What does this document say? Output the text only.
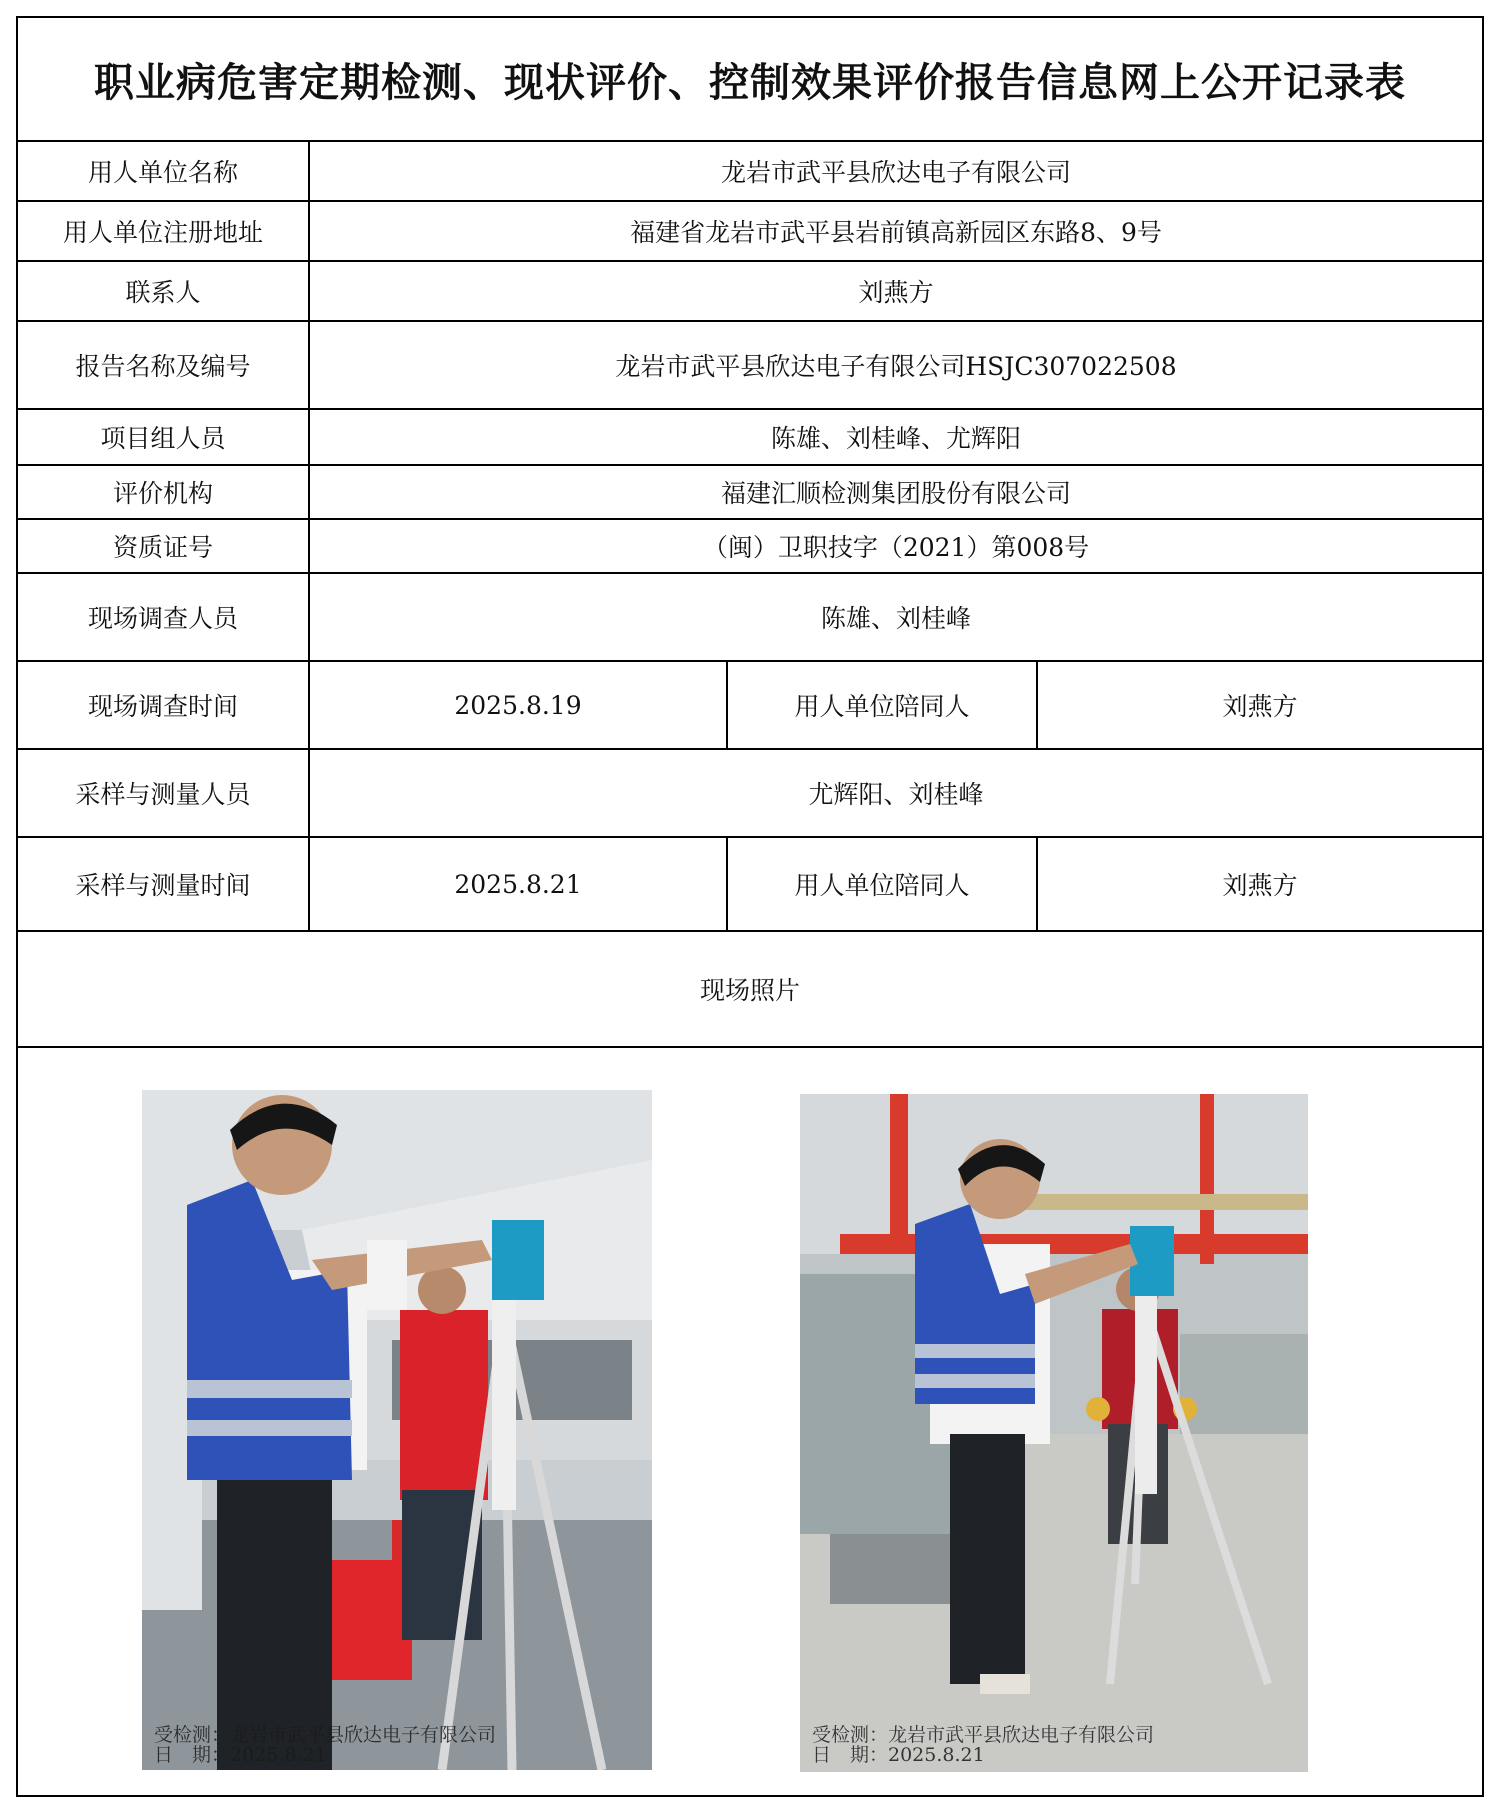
职业病危害定期检测、现状评价、控制效果评价报告信息网上公开记录表
用人单位名称	龙岩市武平县欣达电子有限公司
用人单位注册地址	福建省龙岩市武平县岩前镇高新园区东路8、9号
联系人	刘燕方
报告名称及编号	龙岩市武平县欣达电子有限公司HSJC307022508
项目组人员	陈雄、刘桂峰、尤辉阳
评价机构	福建汇顺检测集团股份有限公司
资质证号	（闽）卫职技字（2021）第008号
现场调查人员	陈雄、刘桂峰
现场调查时间	2025.8.19	用人单位陪同人	刘燕方
采样与测量人员	尤辉阳、刘桂峰
采样与测量时间	2025.8.21	用人单位陪同人	刘燕方
现场照片
受检测：龙岩市武平县欣达电子有限公司
日　期：2025.8.21
受检测：龙岩市武平县欣达电子有限公司
日　期：2025.8.21
